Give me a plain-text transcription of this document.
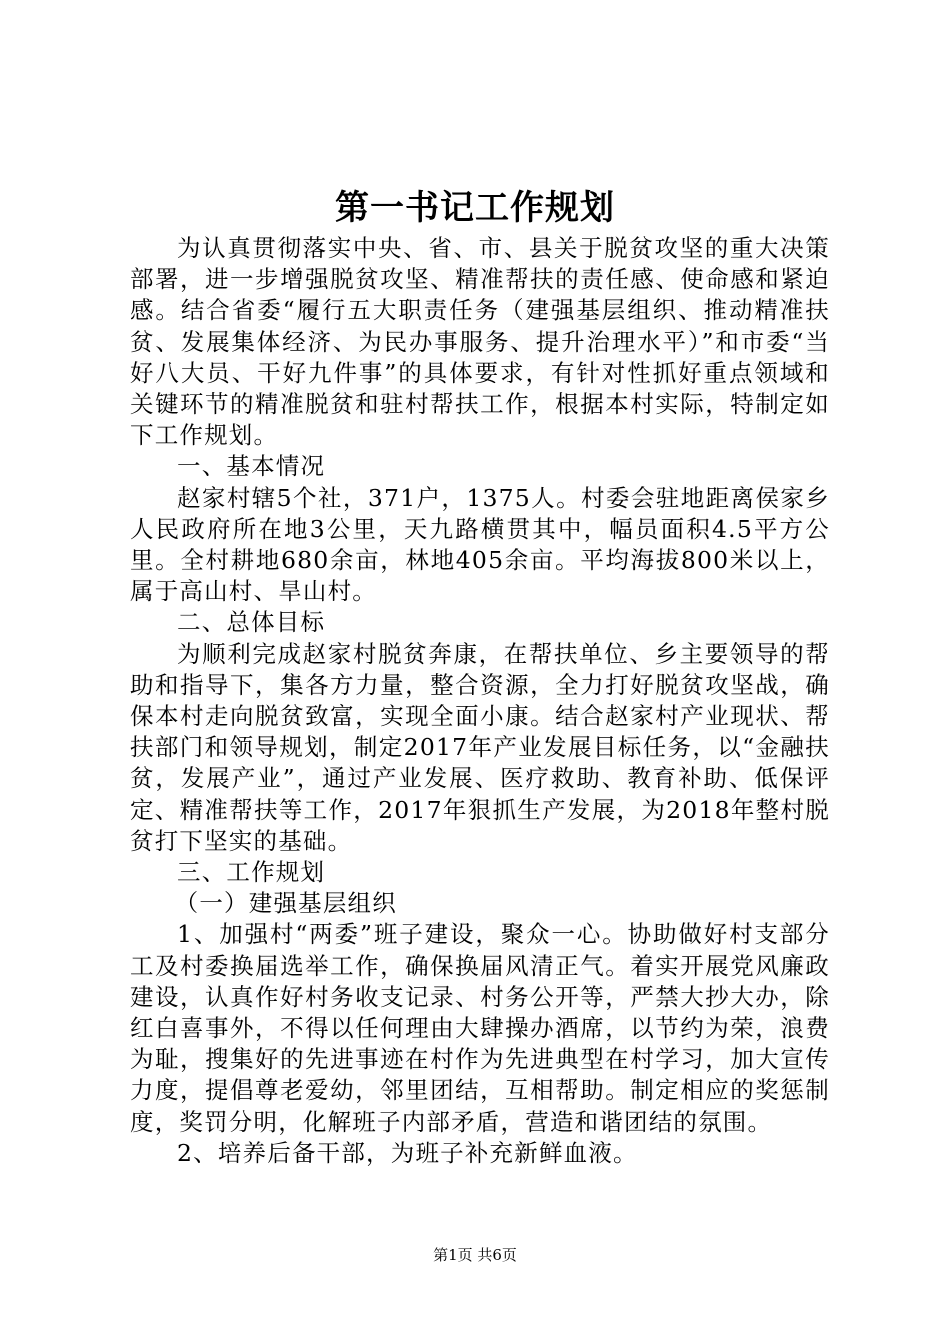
第一书记工作规划

为认真贯彻落实中央、省、市、县关于脱贫攻坚的重大决策部署，进一步增强脱贫攻坚、精准帮扶的责任感、使命感和紧迫感。结合省委“履行五大职责任务（建强基层组织、推动精准扶贫、发展集体经济、为民办事服务、提升治理水平）”和市委“当好八大员、干好九件事”的具体要求，有针对性抓好重点领域和关键环节的精准脱贫和驻村帮扶工作，根据本村实际，特制定如下工作规划。

一、基本情况

赵家村辖5个社，371户，1375人。村委会驻地距离侯家乡人民政府所在地3公里，天九路横贯其中，幅员面积4.5平方公里。全村耕地680余亩，林地405余亩。平均海拔800米以上，属于高山村、旱山村。

二、总体目标

为顺利完成赵家村脱贫奔康，在帮扶单位、乡主要领导的帮助和指导下，集各方力量，整合资源，全力打好脱贫攻坚战，确保本村走向脱贫致富，实现全面小康。结合赵家村产业现状、帮扶部门和领导规划，制定2017年产业发展目标任务，以“金融扶贫，发展产业”，通过产业发展、医疗救助、教育补助、低保评定、精准帮扶等工作，2017年狠抓生产发展，为2018年整村脱贫打下坚实的基础。

三、工作规划

（一）建强基层组织

1、加强村“两委”班子建设，聚众一心。协助做好村支部分工及村委换届选举工作，确保换届风清正气。着实开展党风廉政建设，认真作好村务收支记录、村务公开等，严禁大抄大办，除红白喜事外，不得以任何理由大肆操办酒席，以节约为荣，浪费为耻，搜集好的先进事迹在村作为先进典型在村学习，加大宣传力度，提倡尊老爱幼，邻里团结，互相帮助。制定相应的奖惩制度，奖罚分明，化解班子内部矛盾，营造和谐团结的氛围。

2、培养后备干部，为班子补充新鲜血液。

第1页 共6页
